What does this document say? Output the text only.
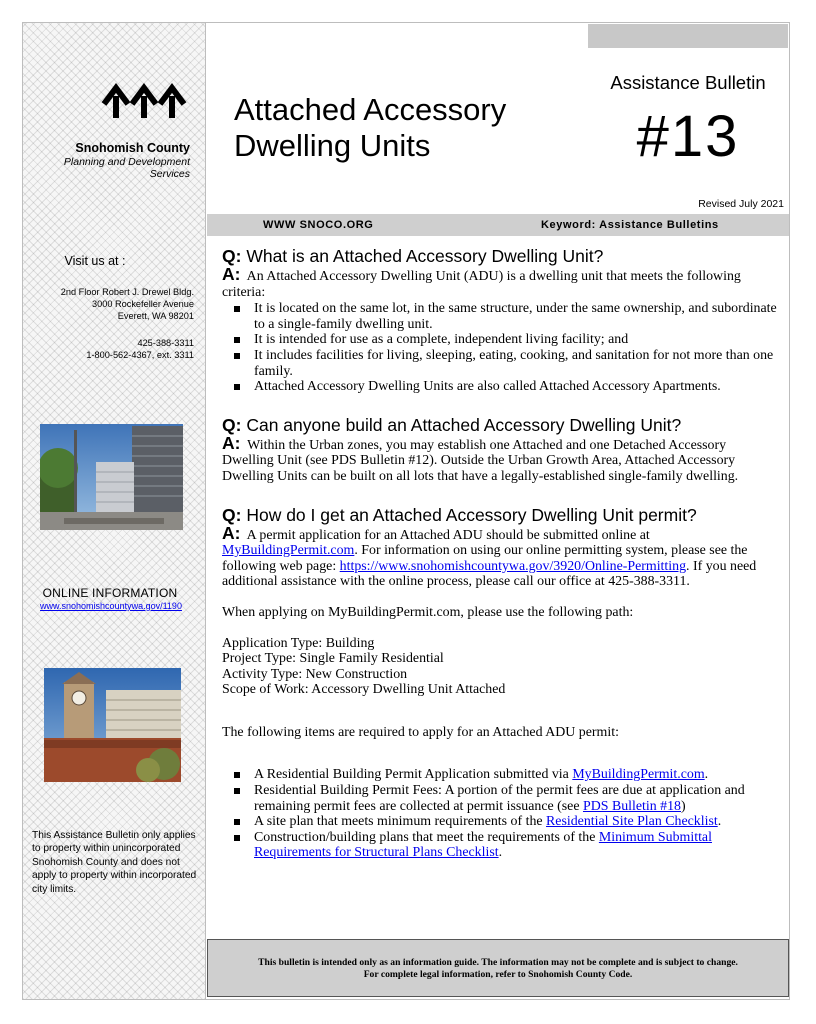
Snohomish County
Planning and Development
Services
Visit us at :
2nd Floor Robert J. Drewel Bldg.
3000 Rockefeller Avenue
Everett, WA 98201
425-388-3311
1-800-562-4367, ext. 3311
ONLINE INFORMATION
www.snohomishcountywa.gov/1190
This Assistance Bulletin only applies to property within unincorporated Snohomish County and does not apply to property within incorporated city limits.
Attached Accessory
Dwelling Units
Assistance Bulletin
#13
Revised July 2021
WWW SNOCO.ORG	Keyword: Assistance Bulletins
Q: What is an Attached Accessory Dwelling Unit?
A: An Attached Accessory Dwelling Unit (ADU) is a dwelling unit that meets the following criteria:
It is located on the same lot, in the same structure, under the same ownership, and subordinate to a single-family dwelling unit.
It is intended for use as a complete, independent living facility; and
It includes facilities for living, sleeping, eating, cooking, and sanitation for not more than one family.
Attached Accessory Dwelling Units are also called Attached Accessory Apartments.
Q: Can anyone build an Attached Accessory Dwelling Unit?
A: Within the Urban zones, you may establish one Attached and one Detached Accessory Dwelling Unit (see PDS Bulletin #12). Outside the Urban Growth Area, Attached Accessory Dwelling Units can be built on all lots that have a legally-established single-family dwelling.
Q: How do I get an Attached Accessory Dwelling Unit permit?
A: A permit application for an Attached ADU should be submitted online at MyBuildingPermit.com. For information on using our online permitting system, please see the following web page: https://www.snohomishcountywa.gov/3920/Online-Permitting. If you need additional assistance with the online process, please call our office at 425-388-3311.
When applying on MyBuildingPermit.com, please use the following path:
Application Type: Building
Project Type: Single Family Residential
Activity Type: New Construction
Scope of Work: Accessory Dwelling Unit Attached
The following items are required to apply for an Attached ADU permit:
A Residential Building Permit Application submitted via MyBuildingPermit.com.
Residential Building Permit Fees: A portion of the permit fees are due at application and remaining permit fees are collected at permit issuance (see PDS Bulletin #18)
A site plan that meets minimum requirements of the Residential Site Plan Checklist.
Construction/building plans that meet the requirements of the Minimum Submittal Requirements for Structural Plans Checklist.
This bulletin is intended only as an information guide. The information may not be complete and is subject to change.
For complete legal information, refer to Snohomish County Code.
